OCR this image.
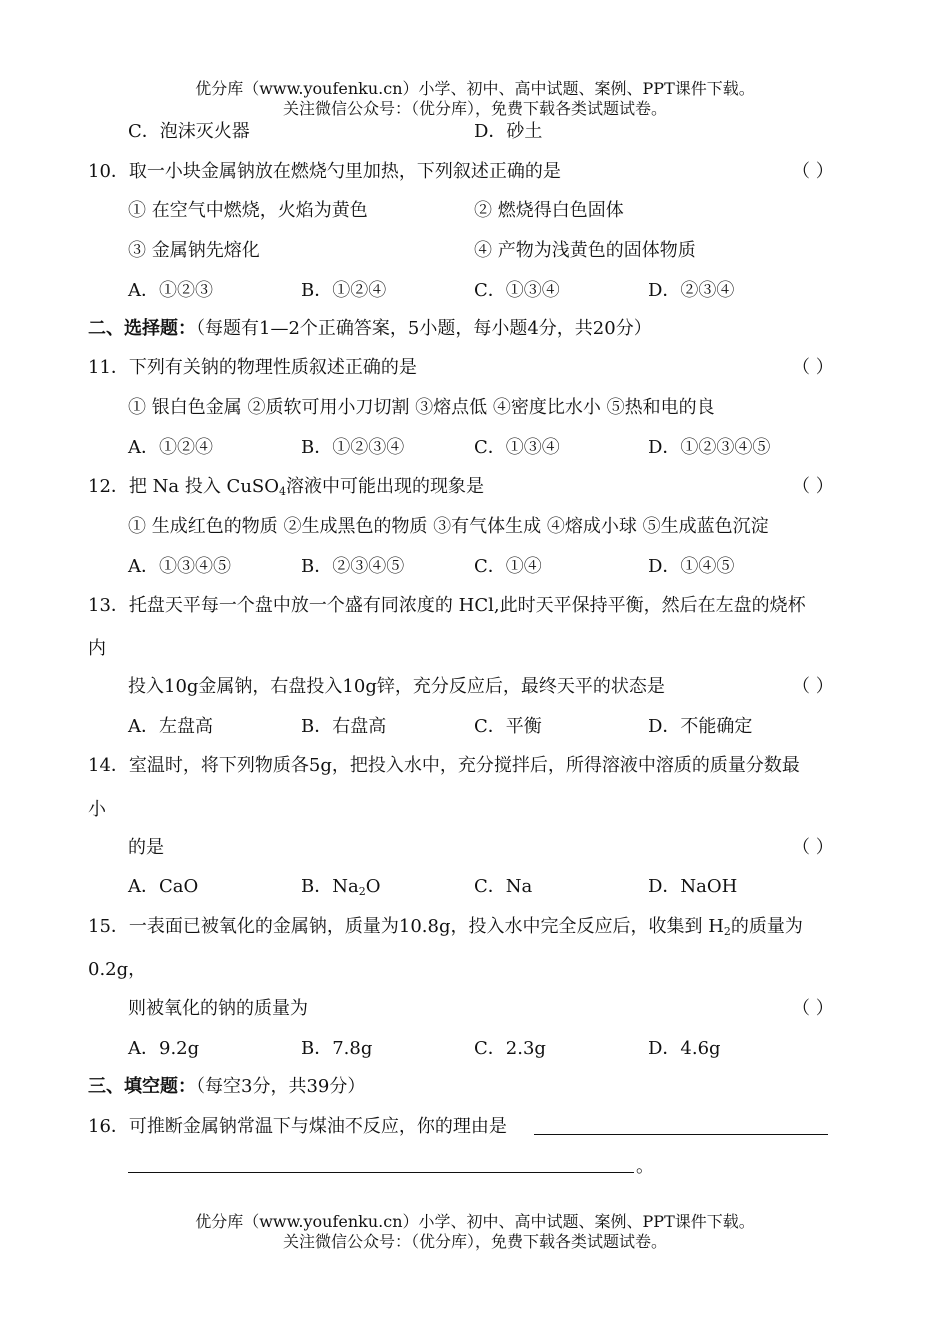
优分库（www.youfenku.cn）小学、初中、高中试题、案例、PPT课件下载。
关注微信公众号：（优分库），免费下载各类试题试卷。
C．泡沫灭火器	D．砂土
10．取一小块金属钠放在燃烧勺里加热，下列叙述正确的是	（ ）
① 在空气中燃烧，火焰为黄色	② 燃烧得白色固体
③ 金属钠先熔化	④ 产物为浅黄色的固体物质
A．①②③	B．①②④	C．①③④	D．②③④
二、选择题：（每题有1—2个正确答案，5小题，每小题4分，共20分）
11．下列有关钠的物理性质叙述正确的是	（ ）
① 银白色金属 ②质软可用小刀切割 ③熔点低 ④密度比水小 ⑤热和电的良
A．①②④	B．①②③④	C．①③④	D．①②③④⑤
12．把 Na 投入 CuSO$_4$溶液中可能出现的现象是	（ ）
① 生成红色的物质 ②生成黑色的物质 ③有气体生成 ④熔成小球 ⑤生成蓝色沉淀
A．①③④⑤	B．②③④⑤	C．①④	D．①④⑤
13．托盘天平每一个盘中放一个盛有同浓度的 HCl,此时天平保持平衡，然后在左盘的烧杯
内
投入10g金属钠，右盘投入10g锌，充分反应后，最终天平的状态是	（ ）
A．左盘高	B．右盘高	C．平衡	D．不能确定
14．室温时，将下列物质各5g，把投入水中，充分搅拌后，所得溶液中溶质的质量分数最
小
的是	（ ）
A．CaO	B．$Na_2O$	C．Na	D．NaOH
15．一表面已被氧化的金属钠，质量为10.8g，投入水中完全反应后，收集到 $H_2$的质量为
0.2g，
则被氧化的钠的质量为	（ ）
A．9.2g	B．7.8g	C．2.3g	D．4.6g
三、填空题：（每空3分，共39分）
16．可推断金属钠常温下与煤油不反应，你的理由是
。
优分库（www.youfenku.cn）小学、初中、高中试题、案例、PPT课件下载。
关注微信公众号：（优分库），免费下载各类试题试卷。
